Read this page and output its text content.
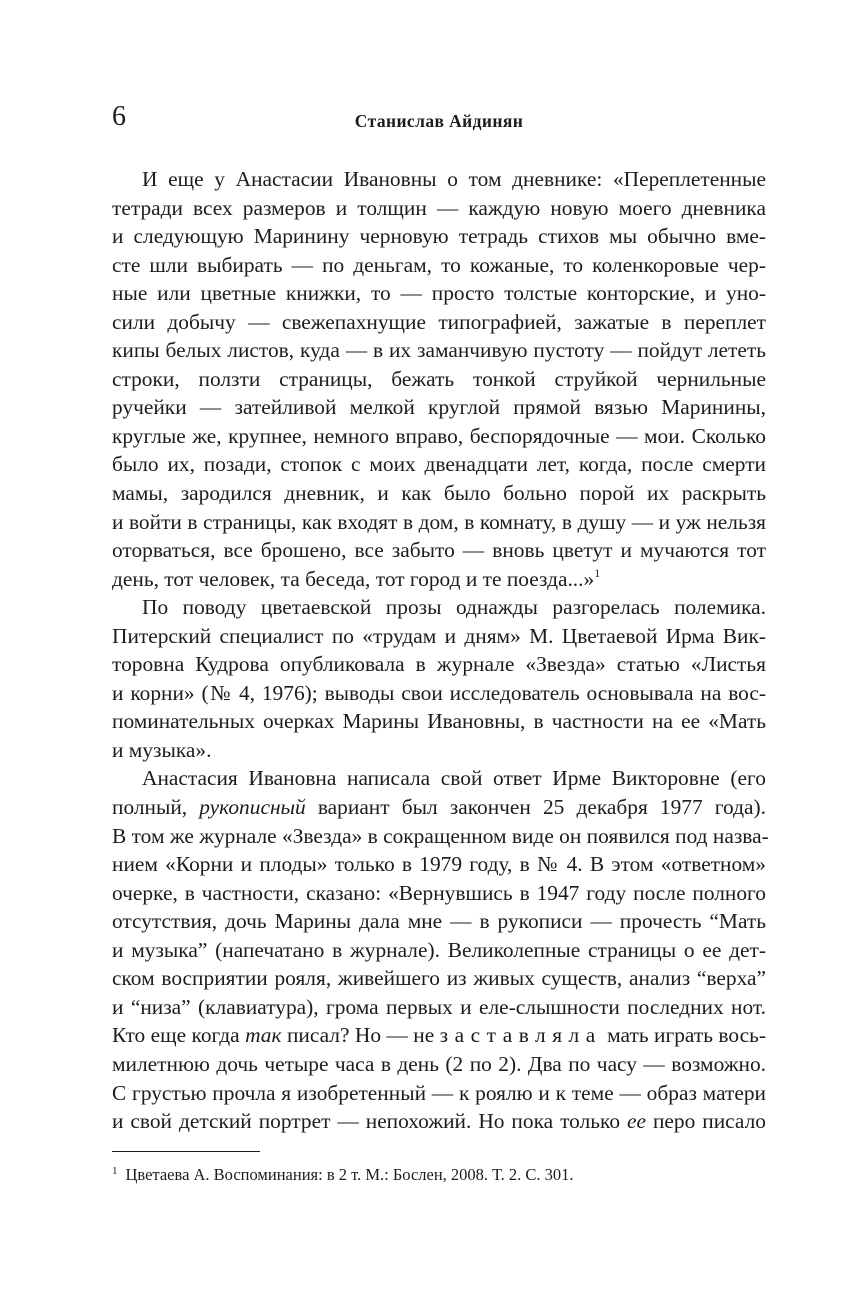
6	Станислав Айдинян
И еще у Анастасии Ивановны о том дневнике: «Переплетенные
тетради всех размеров и толщин — каждую новую моего дневника
и следующую Маринину черновую тетрадь стихов мы обычно вме-
сте шли выбирать — по деньгам, то кожаные, то коленкоровые чер-
ные или цветные книжки, то — просто толстые конторские, и уно-
сили добычу — свежепахнущие типографией, зажатые в переплет
кипы белых листов, куда — в их заманчивую пустоту — пойдут лететь
строки, ползти страницы, бежать тонкой струйкой чернильные
ручейки — затейливой мелкой круглой прямой вязью Маринины,
круглые же, крупнее, немного вправо, беспорядочные — мои. Сколько
было их, позади, стопок с моих двенадцати лет, когда, после смерти
мамы, зародился дневник, и как было больно порой их раскрыть
и войти в страницы, как входят в дом, в комнату, в душу — и уж нельзя
оторваться, все брошено, все забыто — вновь цветут и мучаются тот
день, тот человек, та беседа, тот город и те поезда...»$^1$
По поводу цветаевской прозы однажды разгорелась полемика.
Питерский специалист по «трудам и дням» М. Цветаевой Ирма Вик-
торовна Кудрова опубликовала в журнале «Звезда» статью «Листья
и корни» (№ 4, 1976); выводы свои исследователь основывала на вос-
поминательных очерках Марины Ивановны, в частности на ее «Мать
и музыка».
Анастасия Ивановна написала свой ответ Ирме Викторовне (его
полный, рукописный вариант был закончен 25 декабря 1977 года).
В том же журнале «Звезда» в сокращенном виде он появился под назва-
нием «Корни и плоды» только в 1979 году, в № 4. В этом «ответном»
очерке, в частности, сказано: «Вернувшись в 1947 году после полного
отсутствия, дочь Марины дала мне — в рукописи — прочесть “Мать
и музыка” (напечатано в журнале). Великолепные страницы о ее дет-
ском восприятии рояля, живейшего из живых существ, анализ “верха”
и “низа” (клавиатура), грома первых и еле-слышности последних нот.
Кто еще когда так писал? Но — не заставляла мать играть вось-
милетнюю дочь четыре часа в день (2 по 2). Два по часу — возможно.
С грустью прочла я изобретенный — к роялю и к теме — образ матери
и свой детский портрет — непохожий. Но пока только ее перо писало
$^1$ Цветаева А. Воспоминания: в 2 т. М.: Бослен, 2008. Т. 2. С. 301.
